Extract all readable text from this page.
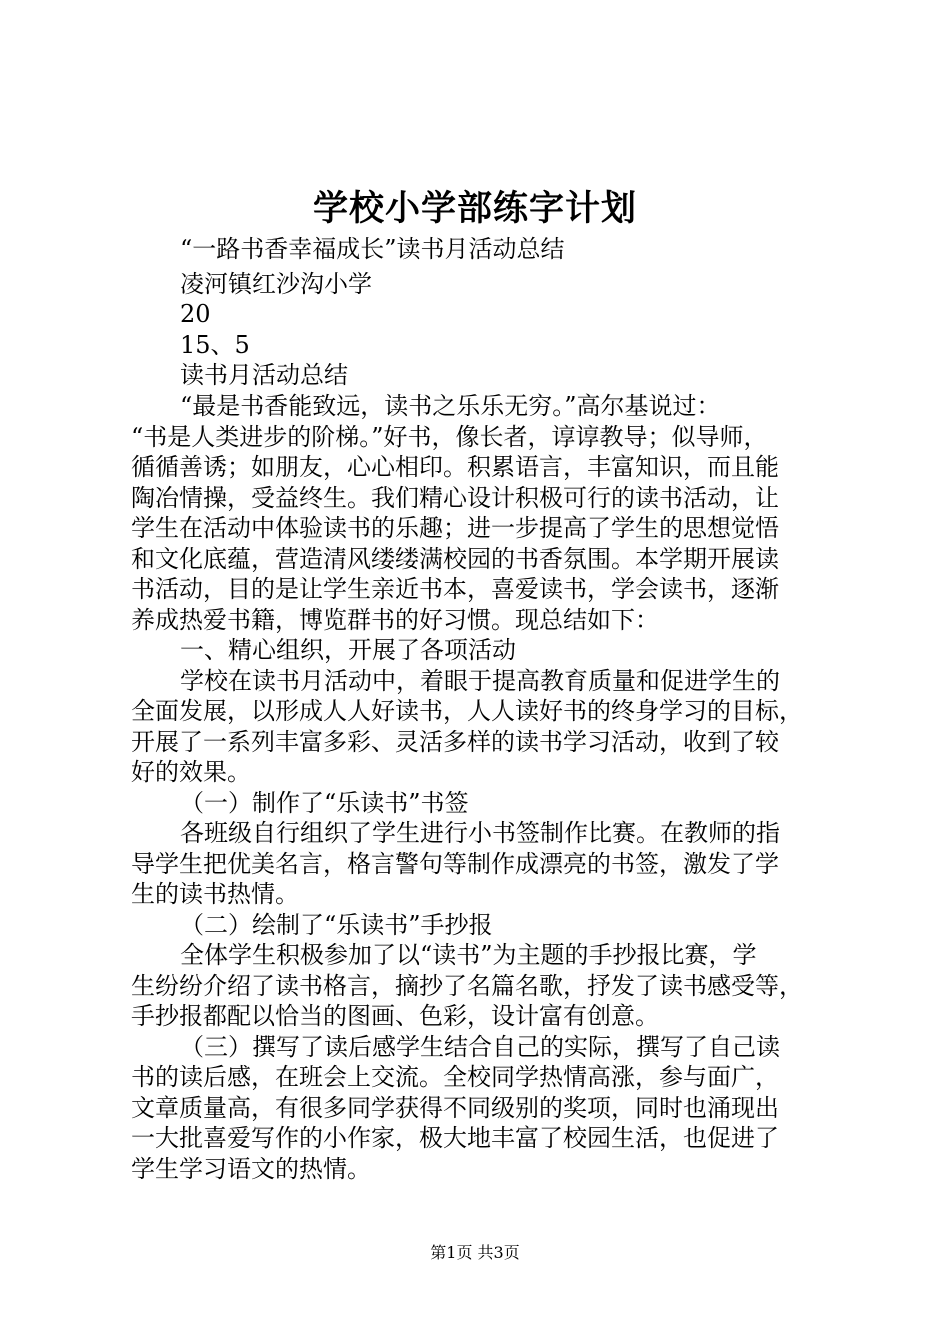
学校小学部练字计划
“一路书香幸福成长”读书月活动总结
凌河镇红沙沟小学
20
15、5
读书月活动总结
“最是书香能致远，读书之乐乐无穷。”高尔基说过：
“书是人类进步的阶梯。”好书，像长者，谆谆教导；似导师，
循循善诱；如朋友，心心相印。积累语言，丰富知识，而且能
陶冶情操，受益终生。我们精心设计积极可行的读书活动，让
学生在活动中体验读书的乐趣；进一步提高了学生的思想觉悟
和文化底蕴，营造清风缕缕满校园的书香氛围。本学期开展读
书活动，目的是让学生亲近书本，喜爱读书，学会读书，逐渐
养成热爱书籍，博览群书的好习惯。现总结如下：
一、精心组织，开展了各项活动
学校在读书月活动中，着眼于提高教育质量和促进学生的
全面发展，以形成人人好读书，人人读好书的终身学习的目标，
开展了一系列丰富多彩、灵活多样的读书学习活动，收到了较
好的效果。
（一）制作了“乐读书”书签
各班级自行组织了学生进行小书签制作比赛。在教师的指
导学生把优美名言，格言警句等制作成漂亮的书签，激发了学
生的读书热情。
（二）绘制了“乐读书”手抄报
全体学生积极参加了以“读书”为主题的手抄报比赛，学
生纷纷介绍了读书格言，摘抄了名篇名歌，抒发了读书感受等，
手抄报都配以恰当的图画、色彩，设计富有创意。
（三）撰写了读后感学生结合自己的实际，撰写了自己读
书的读后感，在班会上交流。全校同学热情高涨，参与面广，
文章质量高，有很多同学获得不同级别的奖项，同时也涌现出
一大批喜爱写作的小作家，极大地丰富了校园生活，也促进了
学生学习语文的热情。
第1页 共3页
